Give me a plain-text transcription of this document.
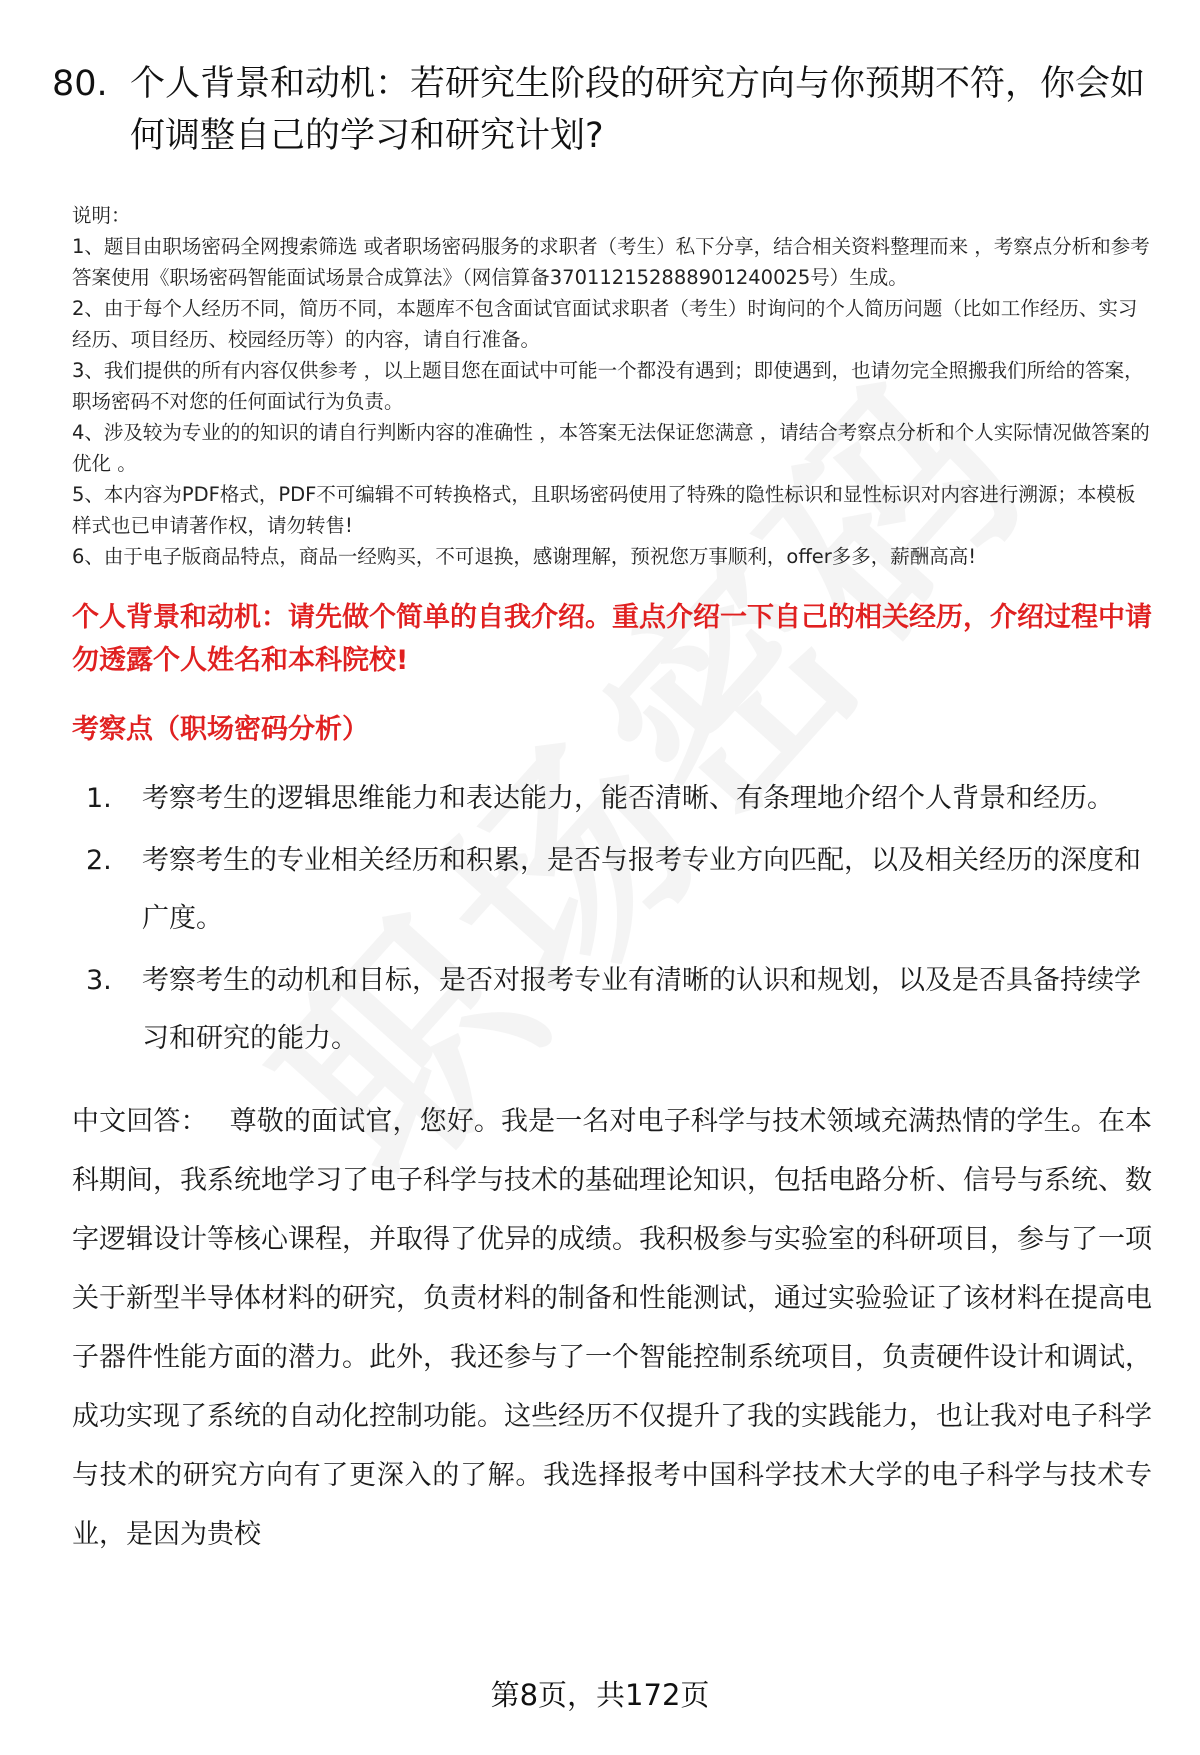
80. 个人背景和动机：若研究生阶段的研究方向与你预期不符，你会如何调整自己的学习和研究计划?

说明：

1、题目由职场密码全网搜索筛选 或者职场密码服务的求职者（考生）私下分享，结合相关资料整理而来 ，考察点分析和参考答案使用《职场密码智能面试场景合成算法》（网信算备370112152888901240025号）生成。

2、由于每个人经历不同，简历不同，本题库不包含面试官面试求职者（考生）时询问的个人简历问题（比如工作经历、实习经历、项目经历、校园经历等）的内容，请自行准备。

3、我们提供的所有内容仅供参考 ，以上题目您在面试中可能一个都没有遇到；即使遇到，也请勿完全照搬我们所给的答案，职场密码不对您的任何面试行为负责。

4、涉及较为专业的的知识的请自行判断内容的准确性 ，本答案无法保证您满意 ，请结合考察点分析和个人实际情况做答案的优化 。

5、本内容为PDF格式，PDF不可编辑不可转换格式，且职场密码使用了特殊的隐性标识和显性标识对内容进行溯源；本模板样式也已申请著作权，请勿转售!

6、由于电子版商品特点，商品一经购买，不可退换，感谢理解，预祝您万事顺利，offer多多，薪酬高高!

个人背景和动机：请先做个简单的自我介绍。重点介绍一下自己的相关经历，介绍过程中请勿透露个人姓名和本科院校!
考察点（职场密码分析）
1.	考察考生的逻辑思维能力和表达能力，能否清晰、有条理地介绍个人背景和经历。
2.	考察考生的专业相关经历和积累，是否与报考专业方向匹配，以及相关经历的深度和广度。
3.	考察考生的动机和目标，是否对报考专业有清晰的认识和规划，以及是否具备持续学习和研究的能力。
中文回答： 尊敬的面试官，您好。我是一名对电子科学与技术领域充满热情的学生。在本科期间，我系统地学习了电子科学与技术的基础理论知识，包括电路分析、信号与系统、数字逻辑设计等核心课程，并取得了优异的成绩。我积极参与实验室的科研项目，参与了一项关于新型半导体材料的研究，负责材料的制备和性能测试，通过实验验证了该材料在提高电子器件性能方面的潜力。此外，我还参与了一个智能控制系统项目，负责硬件设计和调试，成功实现了系统的自动化控制功能。这些经历不仅提升了我的实践能力，也让我对电子科学与技术的研究方向有了更深入的了解。我选择报考中国科学技术大学的电子科学与技术专业，是因为贵校
第8页，共172页
